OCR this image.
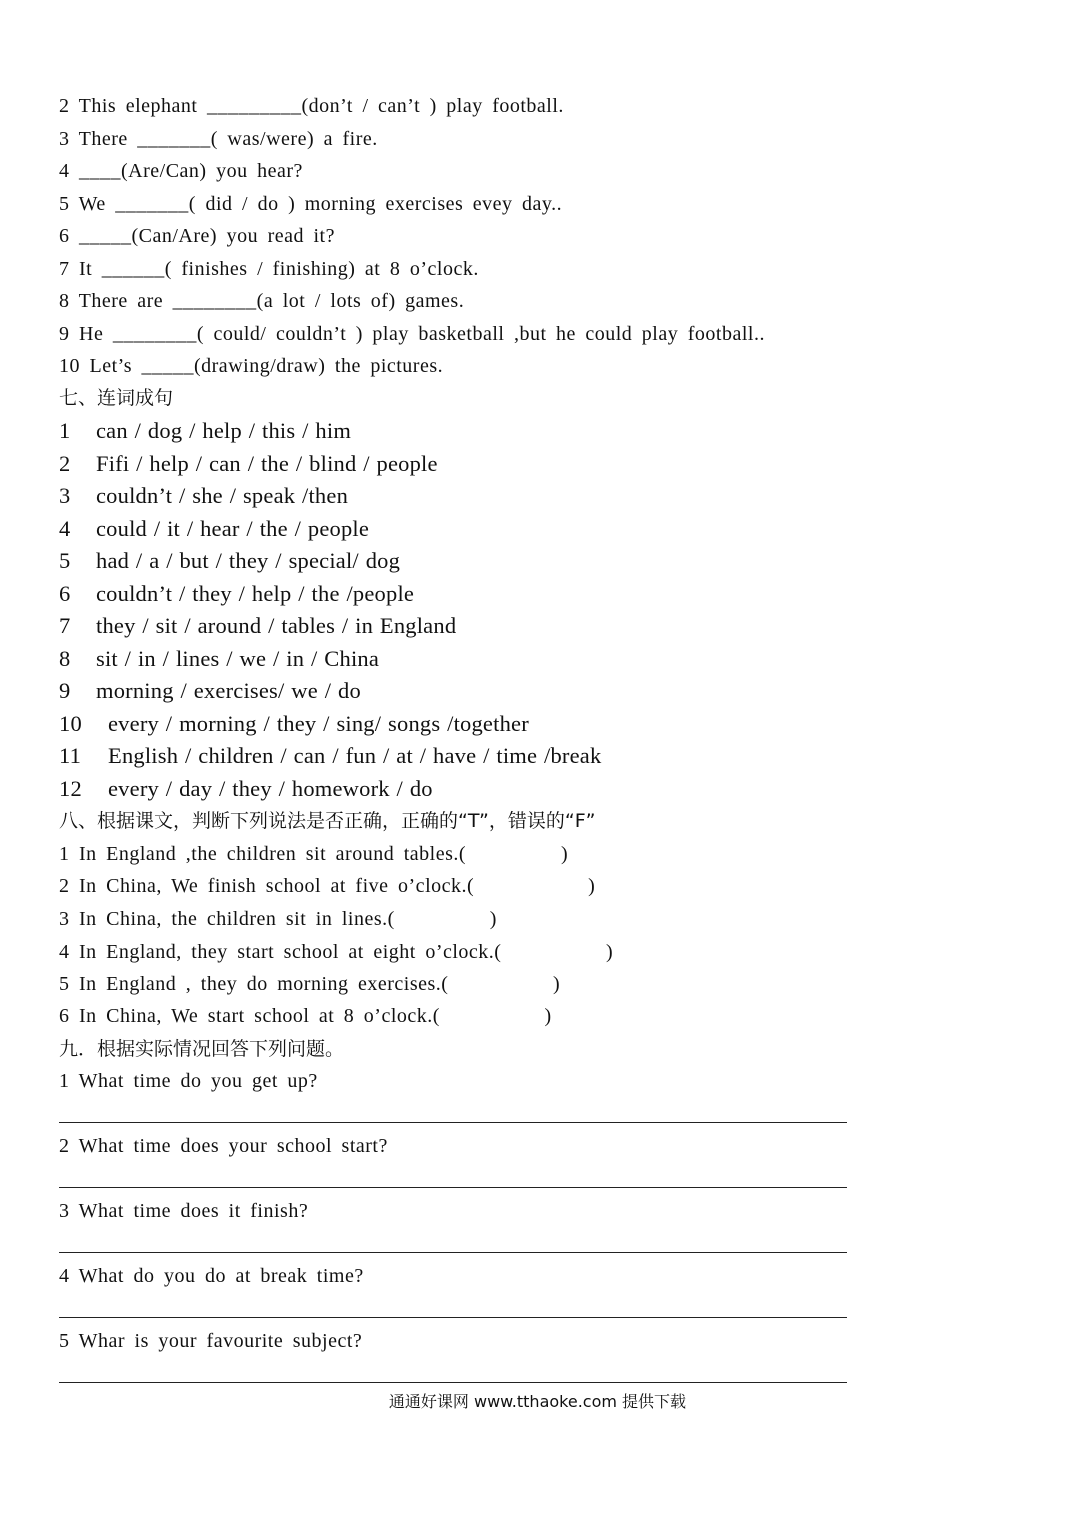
2 This elephant _________(don’t / can’t ) play football.
3 There _______( was/were) a fire.
4 ____(Are/Can) you hear?
5 We _______( did / do ) morning exercises evey day..
6 _____(Can/Are) you read it?
7 It ______( finishes / finishing) at 8 o’clock.
8 There are ________(a lot / lots of) games.
9 He ________( could/ couldn’t ) play basketball ,but he could play football..
10 Let’s _____(drawing/draw) the pictures.
七、连词成句
1 can / dog / help / this / him
2 Fifi / help / can / the / blind / people
3 couldn’t / she / speak /then
4 could / it / hear / the / people
5 had / a / but / they / special/ dog
6 couldn’t / they / help / the /people
7 they / sit / around / tables / in England
8 sit / in / lines / we / in / China
9 morning / exercises/ we / do
10 every / morning / they / sing/ songs /together
11 English / children / can / fun / at / have / time /break
12 every / day / they / homework / do
八、根据课文，判断下列说法是否正确，正确的“T”，错误的“F”
1 In England ,the children sit around tables.(          )
2 In China, We finish school at five o’clock.(            )
3 In China, the children sit in lines.(          )
4 In England, they start school at eight o’clock.(           )
5 In England , they do morning exercises.(           )
6 In China, We start school at 8 o’clock.(           )
九．根据实际情况回答下列问题。
1 What time do you get up?
2 What time does your school start?
3 What time does it finish?
4 What do you do at break time?
5 Whar is your favourite subject?
通通好课网 www.tthaoke.com 提供下载
